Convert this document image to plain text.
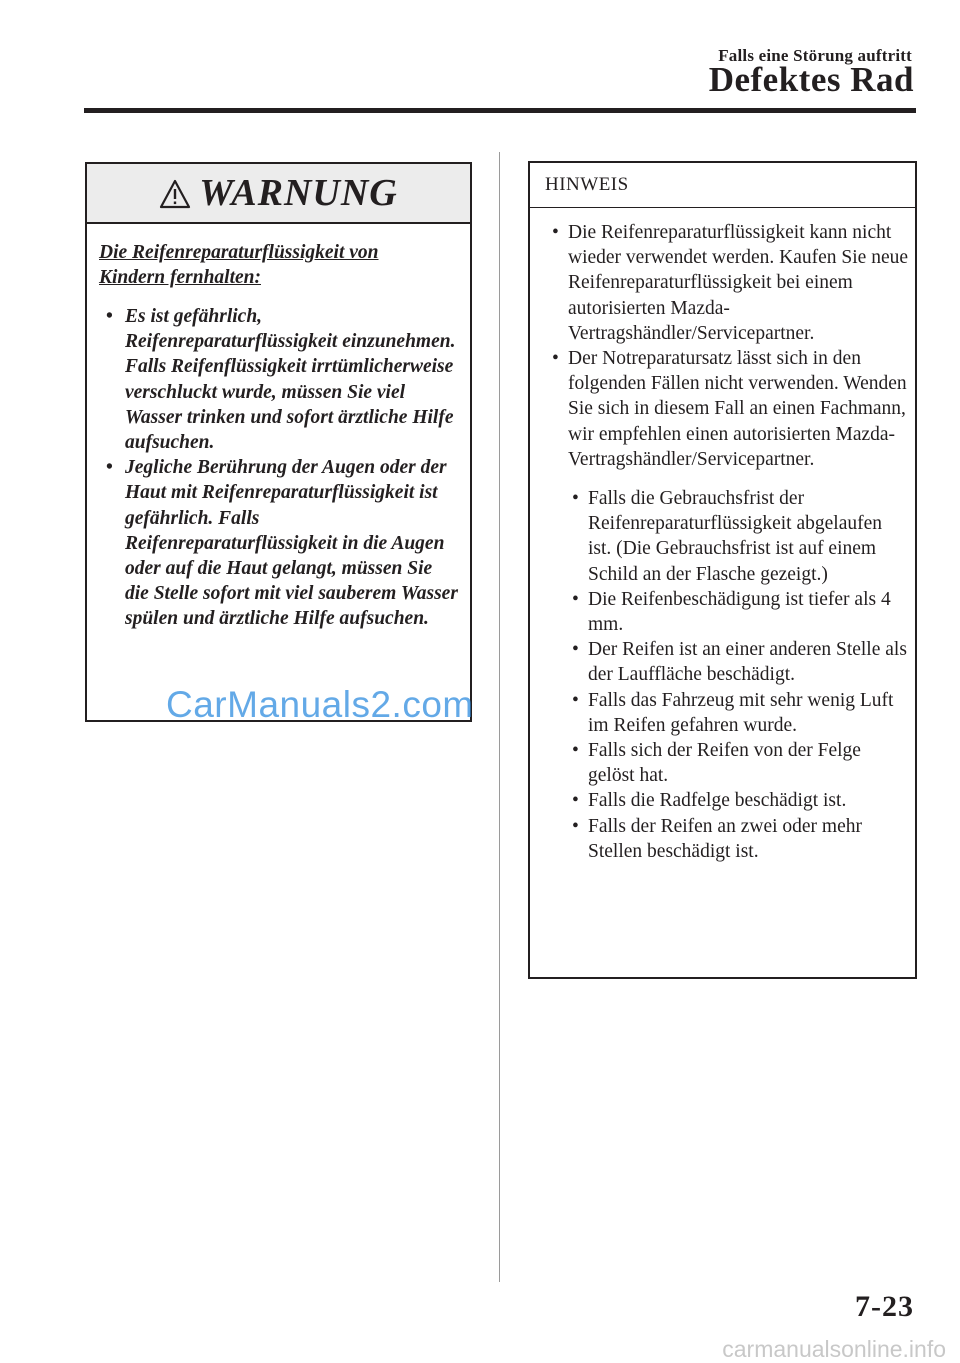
Falls eine Störung auftritt
Defektes Rad
WARNUNG

Die Reifenreparaturflüssigkeit von Kindern fernhalten:

• Es ist gefährlich, Reifenreparaturflüssigkeit einzunehmen. Falls Reifenflüssigkeit irrtümlicherweise verschluckt wurde, müssen Sie viel Wasser trinken und sofort ärztliche Hilfe aufsuchen.
• Jegliche Berührung der Augen oder der Haut mit Reifenreparaturflüssigkeit ist gefährlich. Falls Reifenreparaturflüssigkeit in die Augen oder auf die Haut gelangt, müssen Sie die Stelle sofort mit viel sauberem Wasser spülen und ärztliche Hilfe aufsuchen.
HINWEIS
• Die Reifenreparaturflüssigkeit kann nicht wieder verwendet werden. Kaufen Sie neue Reifenreparaturflüssigkeit bei einem autorisierten Mazda-Vertragshändler/Servicepartner.
• Der Notreparatursatz lässt sich in den folgenden Fällen nicht verwenden. Wenden Sie sich in diesem Fall an einen Fachmann, wir empfehlen einen autorisierten Mazda-Vertragshändler/Servicepartner.
• Falls die Gebrauchsfrist der Reifenreparaturflüssigkeit abgelaufen ist. (Die Gebrauchsfrist ist auf einem Schild an der Flasche gezeigt.)
• Die Reifenbeschädigung ist tiefer als 4 mm.
• Der Reifen ist an einer anderen Stelle als der Lauffläche beschädigt.
• Falls das Fahrzeug mit sehr wenig Luft im Reifen gefahren wurde.
• Falls sich der Reifen von der Felge gelöst hat.
• Falls die Radfelge beschädigt ist.
• Falls der Reifen an zwei oder mehr Stellen beschädigt ist.
CarManuals2.com
7-23
carmanualsonline.info
